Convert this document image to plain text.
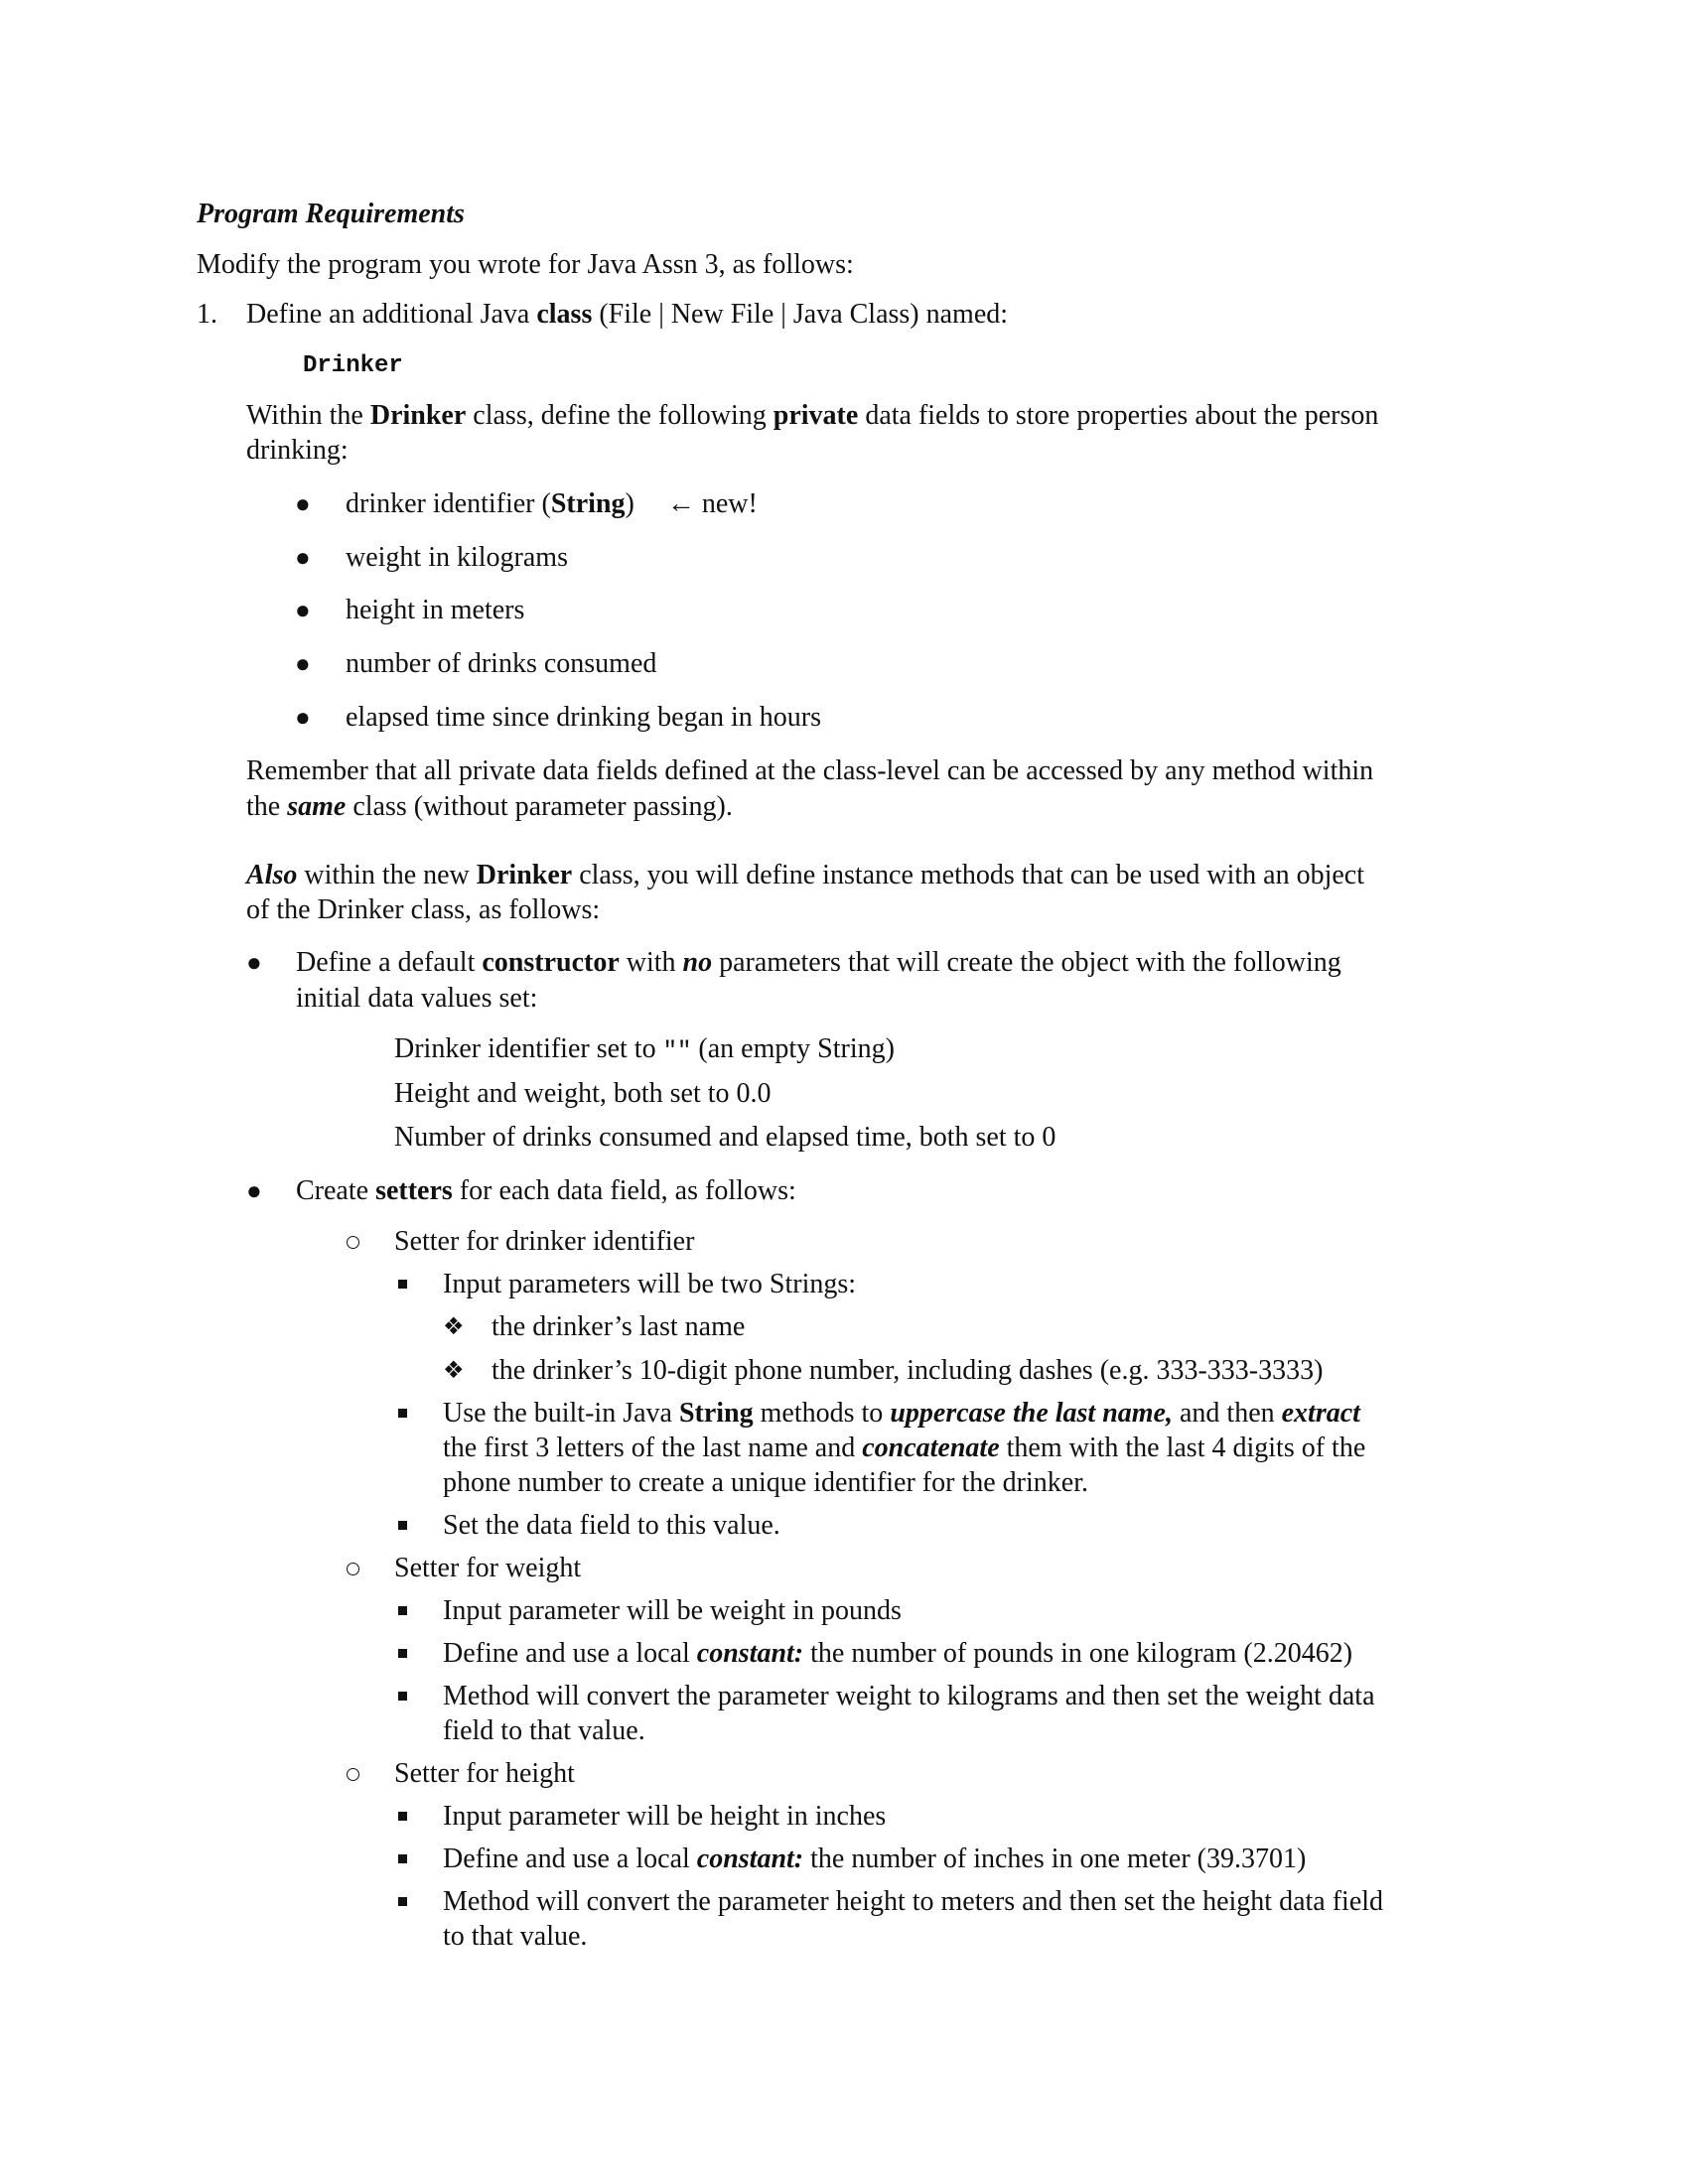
Program Requirements
Modify the program you wrote for Java Assn 3, as follows:
1. Define an additional Java class (File | New File | Java Class) named:
Drinker
Within the Drinker class, define the following private data fields to store properties about the person
drinking:
● drinker identifier (String) ← new!
● weight in kilograms
● height in meters
● number of drinks consumed
● elapsed time since drinking began in hours
Remember that all private data fields defined at the class-level can be accessed by any method within
the same class (without parameter passing).
Also within the new Drinker class, you will define instance methods that can be used with an object
of the Drinker class, as follows:
● Define a default constructor with no parameters that will create the object with the following
initial data values set:
Drinker identifier set to "" (an empty String)
Height and weight, both set to 0.0
Number of drinks consumed and elapsed time, both set to 0
● Create setters for each data field, as follows:
Setter for drinker identifier
Input parameters will be two Strings:
❖ the drinker’s last name
❖ the drinker’s 10-digit phone number, including dashes (e.g. 333-333-3333)
Use the built-in Java String methods to uppercase the last name, and then extract
the first 3 letters of the last name and concatenate them with the last 4 digits of the
phone number to create a unique identifier for the drinker.
Set the data field to this value.
Setter for weight
Input parameter will be weight in pounds
Define and use a local constant: the number of pounds in one kilogram (2.20462)
Method will convert the parameter weight to kilograms and then set the weight data
field to that value.
Setter for height
Input parameter will be height in inches
Define and use a local constant: the number of inches in one meter (39.3701)
Method will convert the parameter height to meters and then set the height data field
to that value.
